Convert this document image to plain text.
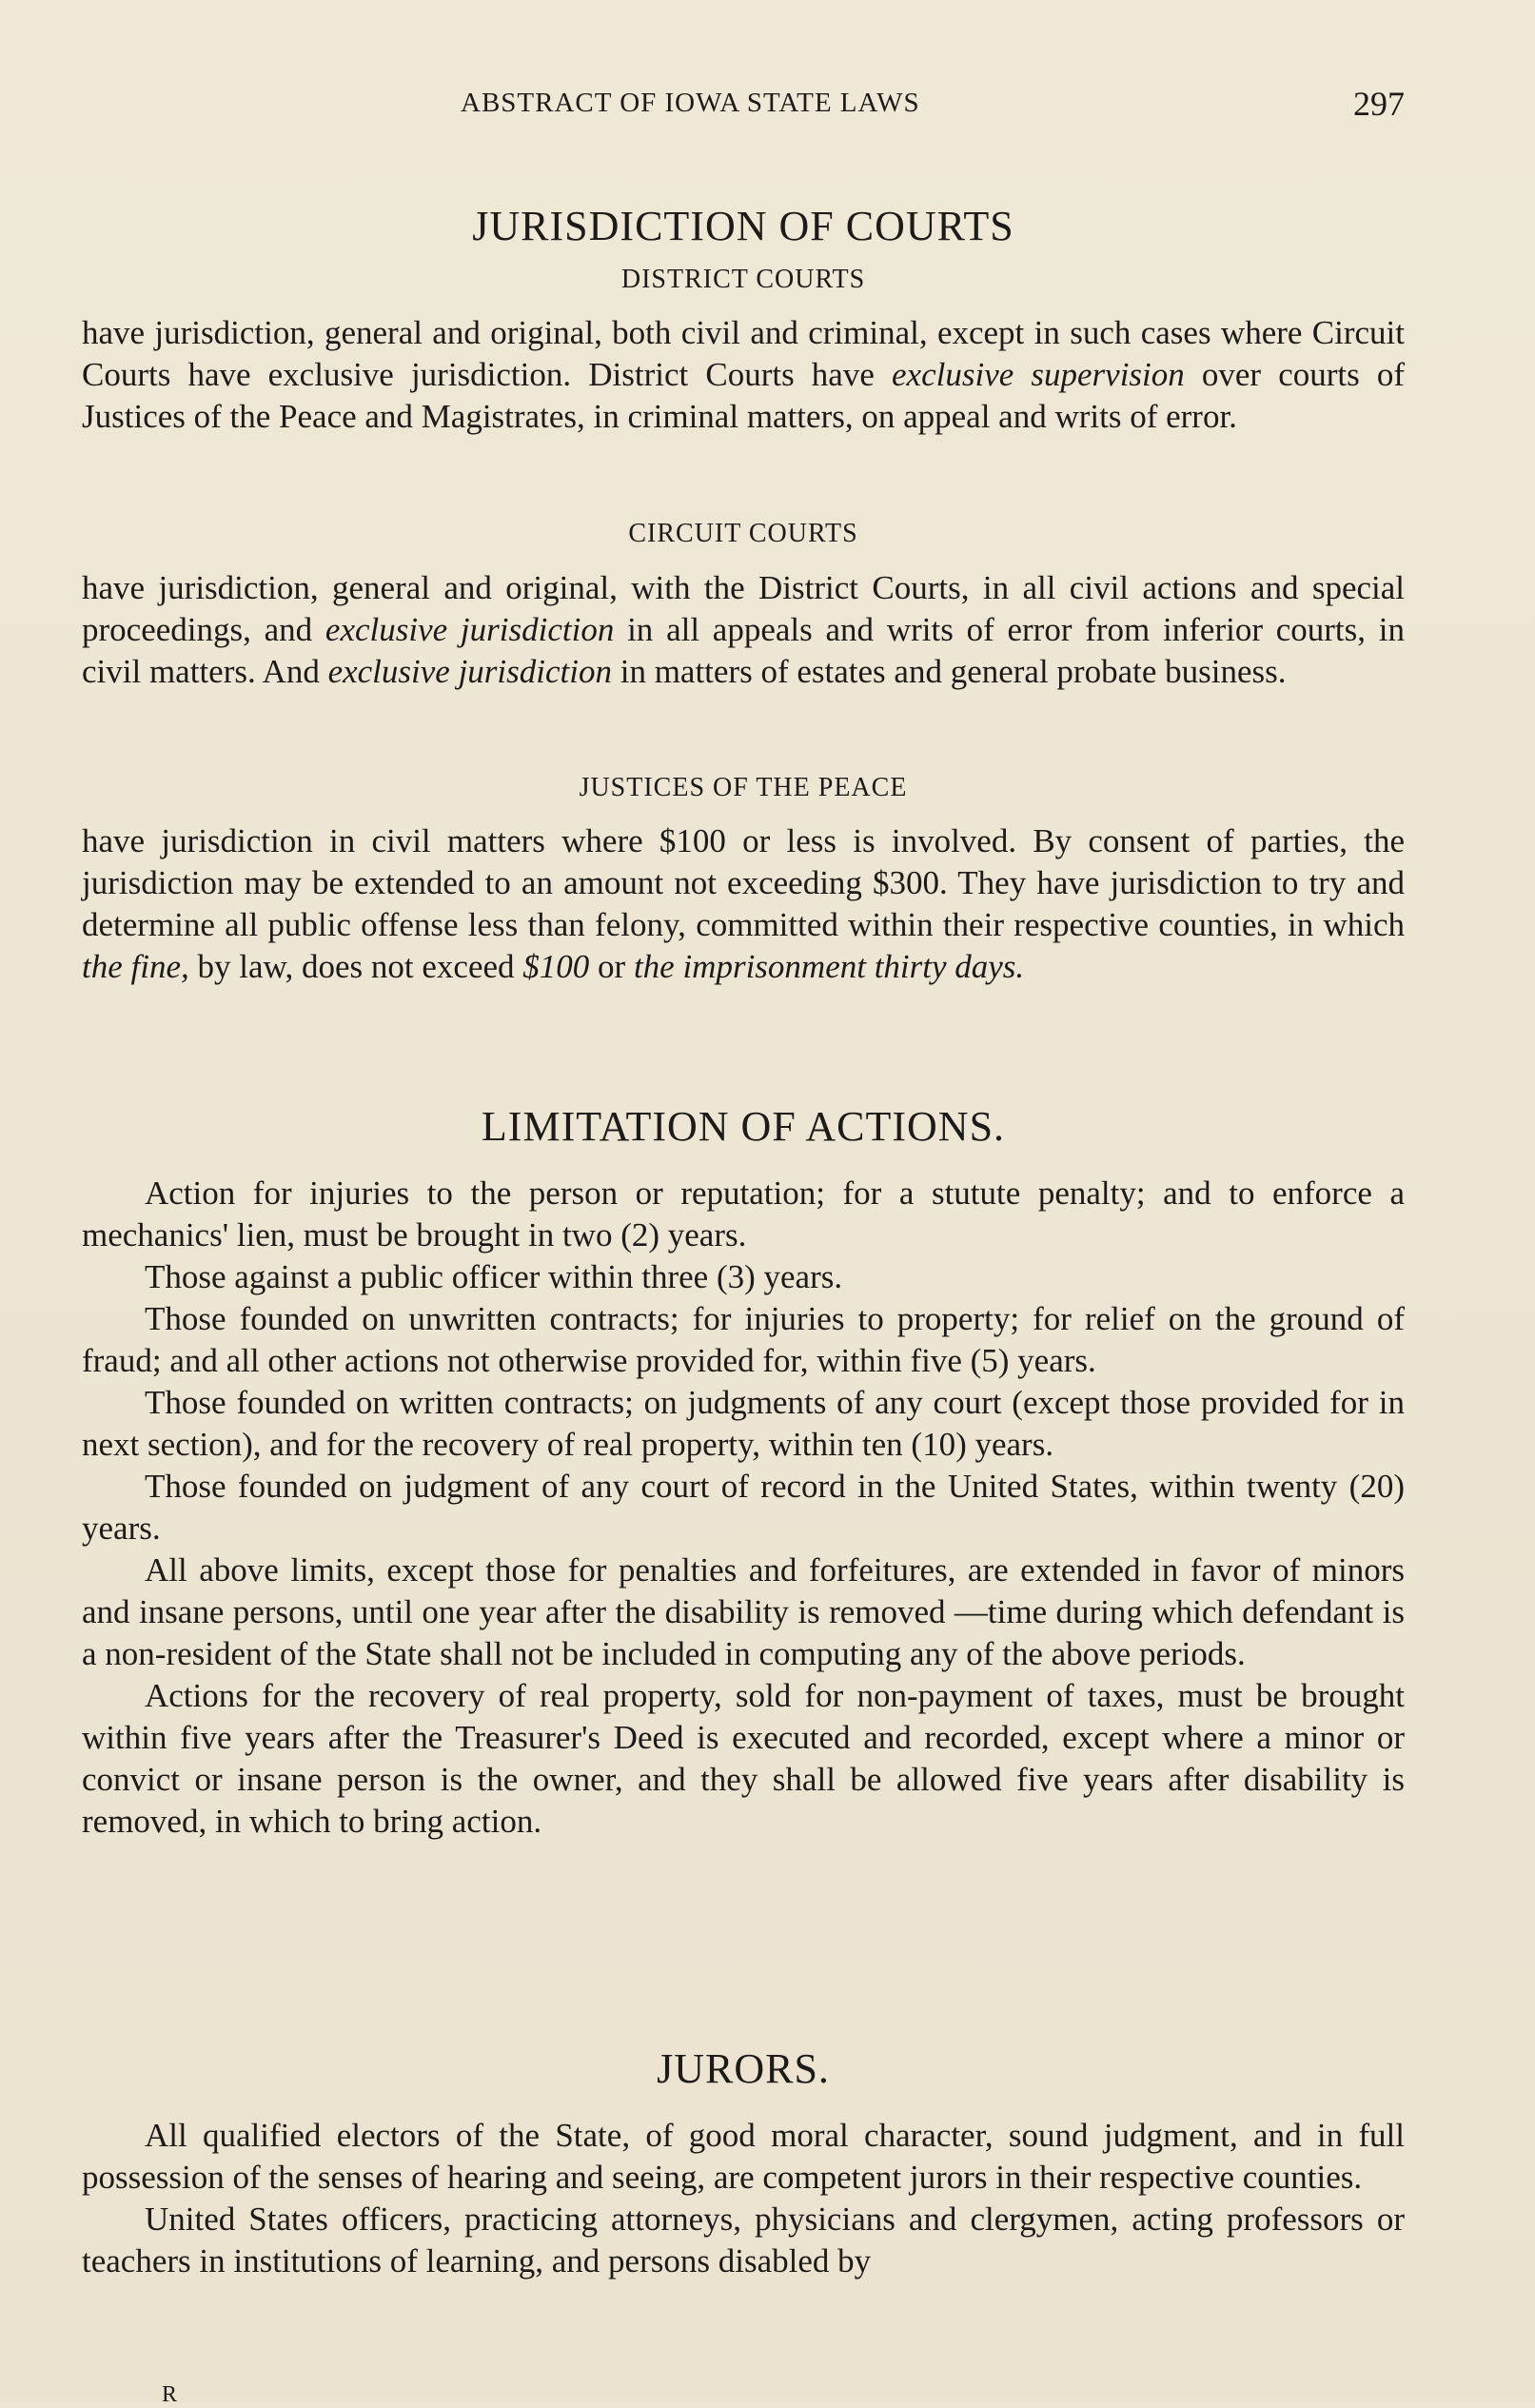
ABSTRACT OF IOWA STATE LAWS	297
JURISDICTION OF COURTS
DISTRICT COURTS

have jurisdiction, general and original, both civil and criminal, except in such cases where Circuit Courts have exclusive jurisdiction. District Courts have exclusive supervision over courts of Justices of the Peace and Magistrates, in criminal matters, on appeal and writs of error.

CIRCUIT COURTS

have jurisdiction, general and original, with the District Courts, in all civil actions and special proceedings, and exclusive jurisdiction in all appeals and writs of error from inferior courts, in civil matters. And exclusive jurisdiction in matters of estates and general probate business.

JUSTICES OF THE PEACE

have jurisdiction in civil matters where $100 or less is involved. By consent of parties, the jurisdiction may be extended to an amount not exceeding $300. They have jurisdiction to try and determine all public offense less than felony, committed within their respective counties, in which the fine, by law, does not exceed $100 or the imprisonment thirty days.

LIMITATION OF ACTIONS.

Action for injuries to the person or reputation; for a stutute penalty; and to enforce a mechanics' lien, must be brought in two (2) years.

Those against a public officer within three (3) years.

Those founded on unwritten contracts; for injuries to property; for relief on the ground of fraud; and all other actions not otherwise provided for, within five (5) years.

Those founded on written contracts; on judgments of any court (except those provided for in next section), and for the recovery of real property, within ten (10) years.

Those founded on judgment of any court of record in the United States, within twenty (20) years.

All above limits, except those for penalties and forfeitures, are extended in favor of minors and insane persons, until one year after the disability is removed —time during which defendant is a non-resident of the State shall not be included in computing any of the above periods.

Actions for the recovery of real property, sold for non-payment of taxes, must be brought within five years after the Treasurer's Deed is executed and recorded, except where a minor or convict or insane person is the owner, and they shall be allowed five years after disability is removed, in which to bring action.

JURORS.

All qualified electors of the State, of good moral character, sound judgment, and in full possession of the senses of hearing and seeing, are competent jurors in their respective counties.

United States officers, practicing attorneys, physicians and clergymen, acting professors or teachers in institutions of learning, and persons disabled by

R
